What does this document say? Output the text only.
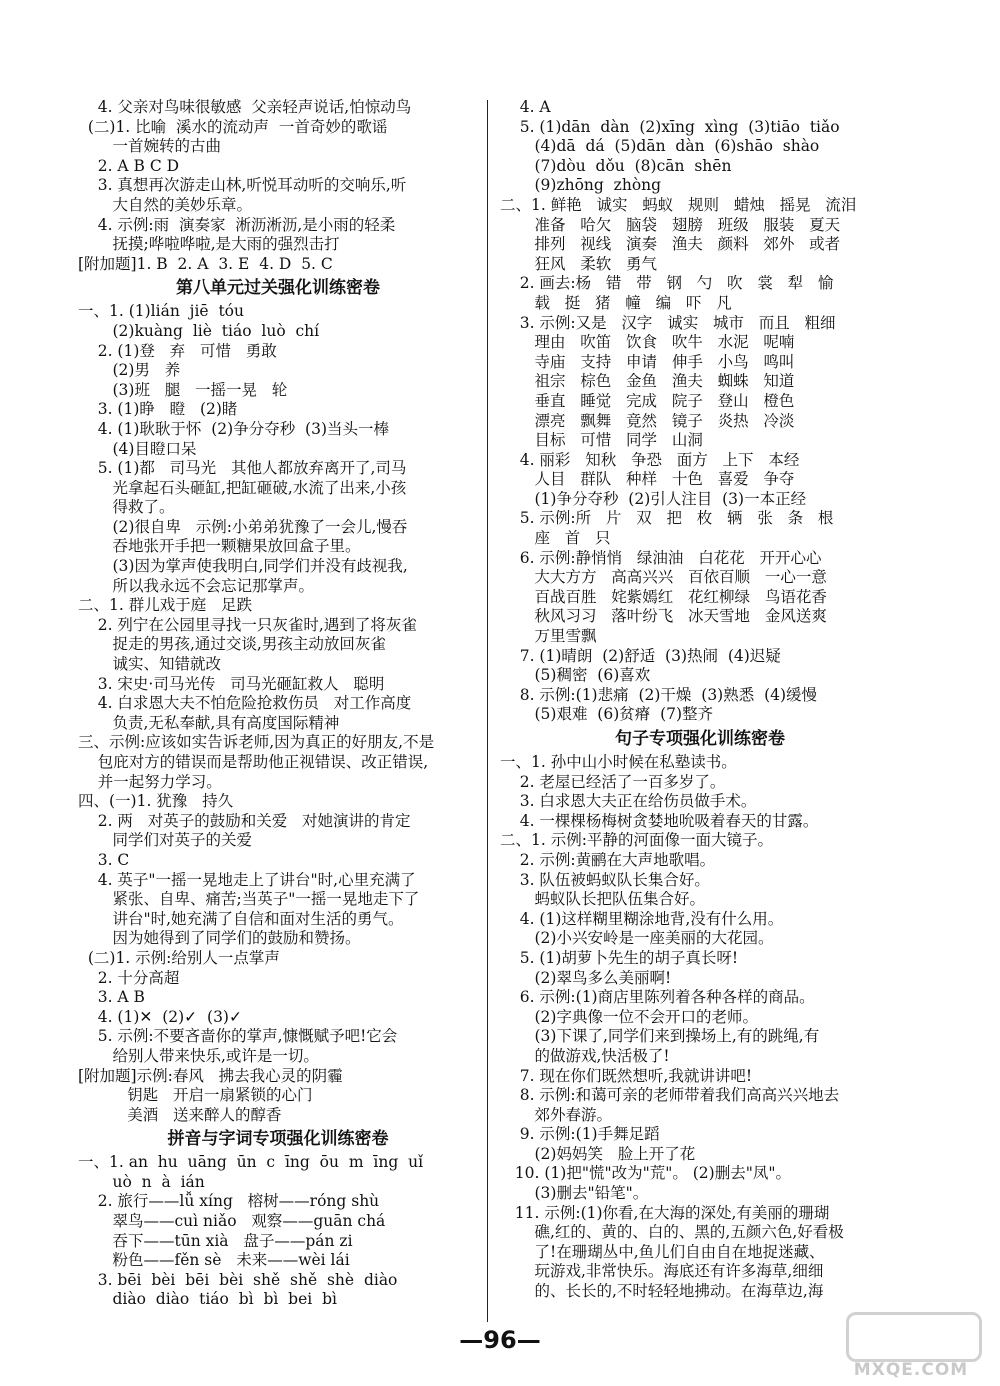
4. 父亲对鸟味很敏感  父亲轻声说话,怕惊动鸟
(二)1. 比喻  溪水的流动声  一首奇妙的歌谣
一首婉转的古曲
2. A B C D
3. 真想再次游走山林,听悦耳动听的交响乐,听
大自然的美妙乐章。
4. 示例:雨  演奏家  淅沥淅沥,是小雨的轻柔
抚摸;哗啦哗啦,是大雨的强烈击打
[附加题]1. B  2. A  3. E  4. D  5. C
第八单元过关强化训练密卷
一、1. (1)lián  jiē  tóu
(2)kuàng  liè  tiáo  luò  chí
2. (1)登   弃   可惜   勇敢
(2)男   养
(3)班   腿   一摇一晃   轮
3. (1)睁   瞪   (2)睹
4. (1)耿耿于怀  (2)争分夺秒  (3)当头一棒
(4)目瞪口呆
5. (1)都   司马光   其他人都放弃离开了,司马
光拿起石头砸缸,把缸砸破,水流了出来,小孩
得救了。
(2)很自卑   示例:小弟弟犹豫了一会儿,慢吞
吞地张开手把一颗糖果放回盒子里。
(3)因为掌声使我明白,同学们并没有歧视我,
所以我永远不会忘记那掌声。
二、1. 群儿戏于庭   足跌
2. 列宁在公园里寻找一只灰雀时,遇到了将灰雀
捉走的男孩,通过交谈,男孩主动放回灰雀
诚实、知错就改
3. 宋史·司马光传   司马光砸缸救人   聪明
4. 白求恩大夫不怕危险抢救伤员   对工作高度
负责,无私奉献,具有高度国际精神
三、示例:应该如实告诉老师,因为真正的好朋友,不是
包庇对方的错误而是帮助他正视错误、改正错误,
并一起努力学习。
四、(一)1. 犹豫   持久
2. 两   对英子的鼓励和关爱   对她演讲的肯定
同学们对英子的关爱
3. C
4. 英子"一摇一晃地走上了讲台"时,心里充满了
紧张、自卑、痛苦;当英子"一摇一晃地走下了
讲台"时,她充满了自信和面对生活的勇气。
因为她得到了同学们的鼓励和赞扬。
(二)1. 示例:给别人一点掌声
2. 十分高超
3. A B
4. (1)✕  (2)✓  (3)✓
5. 示例:不要吝啬你的掌声,慷慨赋予吧!它会
给别人带来快乐,或许是一切。
[附加题]示例:春风   拂去我心灵的阴霾
钥匙   开启一扇紧锁的心门
美酒   送来醉人的醇香
拼音与字词专项强化训练密卷
一、1. an  hu  uāng  ūn  c  īng  ōu  m  īng  uǐ
uò  n  à  ián
2. 旅行——lǚ xíng   榕树——róng shù
翠鸟——cuì niǎo   观察——guān chá
吞下——tūn xià   盘子——pán zi
粉色——fěn sè   未来——wèi lái
3. bēi  bèi  bēi  bèi  shě  shě  shè  diào
diào  diào  tiáo  bì  bì  bei  bì
4. A
5. (1)dān  dàn  (2)xīng  xìng  (3)tiāo  tiǎo
(4)dā  dá  (5)dān  dàn  (6)shāo  shào
(7)dòu  dǒu  (8)cān  shēn
(9)zhōng  zhòng
二、1. 鲜艳   诚实   蚂蚁   规则   蜡烛   摇晃   流泪
准备   哈欠   脑袋   翅膀   班级   服装   夏天
排列   视线   演奏   渔夫   颜料   郊外   或者
狂风   柔软   勇气
2. 画去:杨   错   带   钢   勺   吹   裳   犁   愉
载   挺   猪   幢   编   吓   凡
3. 示例:又是   汉字   诚实   城市   而且   粗细
理由   吹笛   饮食   吹牛   水泥   呢喃
寺庙   支持   申请   伸手   小鸟   鸣叫
祖宗   棕色   金鱼   渔夫   蜘蛛   知道
垂直   睡觉   完成   院子   登山   橙色
漂亮   飘舞   竟然   镜子   炎热   冷淡
目标   可惜   同学   山洞
4. 丽彩   知秋   争恐   面方   上下   本经
人目   群队   种样   十色   喜爱   争夺
(1)争分夺秒  (2)引人注目  (3)一本正经
5. 示例:所   片   双   把   枚   辆   张   条   根
座   首   只
6. 示例:静悄悄   绿油油   白花花   开开心心
大大方方   高高兴兴   百依百顺   一心一意
百战百胜   姹紫嫣红   花红柳绿   鸟语花香
秋风习习   落叶纷飞   冰天雪地   金风送爽
万里雪飘
7. (1)晴朗  (2)舒适  (3)热闹  (4)迟疑
(5)稠密  (6)喜欢
8. 示例:(1)悲痛  (2)干燥  (3)熟悉  (4)缓慢
(5)艰难  (6)贫瘠  (7)整齐
句子专项强化训练密卷
一、1. 孙中山小时候在私塾读书。
2. 老屋已经活了一百多岁了。
3. 白求恩大夫正在给伤员做手术。
4. 一棵棵杨梅树贪婪地吮吸着春天的甘露。
二、1. 示例:平静的河面像一面大镜子。
2. 示例:黄鹂在大声地歌唱。
3. 队伍被蚂蚁队长集合好。
蚂蚁队长把队伍集合好。
4. (1)这样糊里糊涂地背,没有什么用。
(2)小兴安岭是一座美丽的大花园。
5. (1)胡萝卜先生的胡子真长呀!
(2)翠鸟多么美丽啊!
6. 示例:(1)商店里陈列着各种各样的商品。
(2)字典像一位不会开口的老师。
(3)下课了,同学们来到操场上,有的跳绳,有
的做游戏,快活极了!
7. 现在你们既然想听,我就讲讲吧!
8. 示例:和蔼可亲的老师带着我们高高兴兴地去
郊外春游。
9. 示例:(1)手舞足蹈
(2)妈妈笑   脸上开了花
10. (1)把"慌"改为"荒"。 (2)删去"凤"。
(3)删去"铅笔"。
11. 示例:(1)你看,在大海的深处,有美丽的珊瑚
礁,红的、黄的、白的、黑的,五颜六色,好看极
了!在珊瑚丛中,鱼儿们自由自在地捉迷藏、
玩游戏,非常快乐。海底还有许多海草,细细
的、长长的,不时轻轻地拂动。在海草边,海
—96—
MXQE.COM
